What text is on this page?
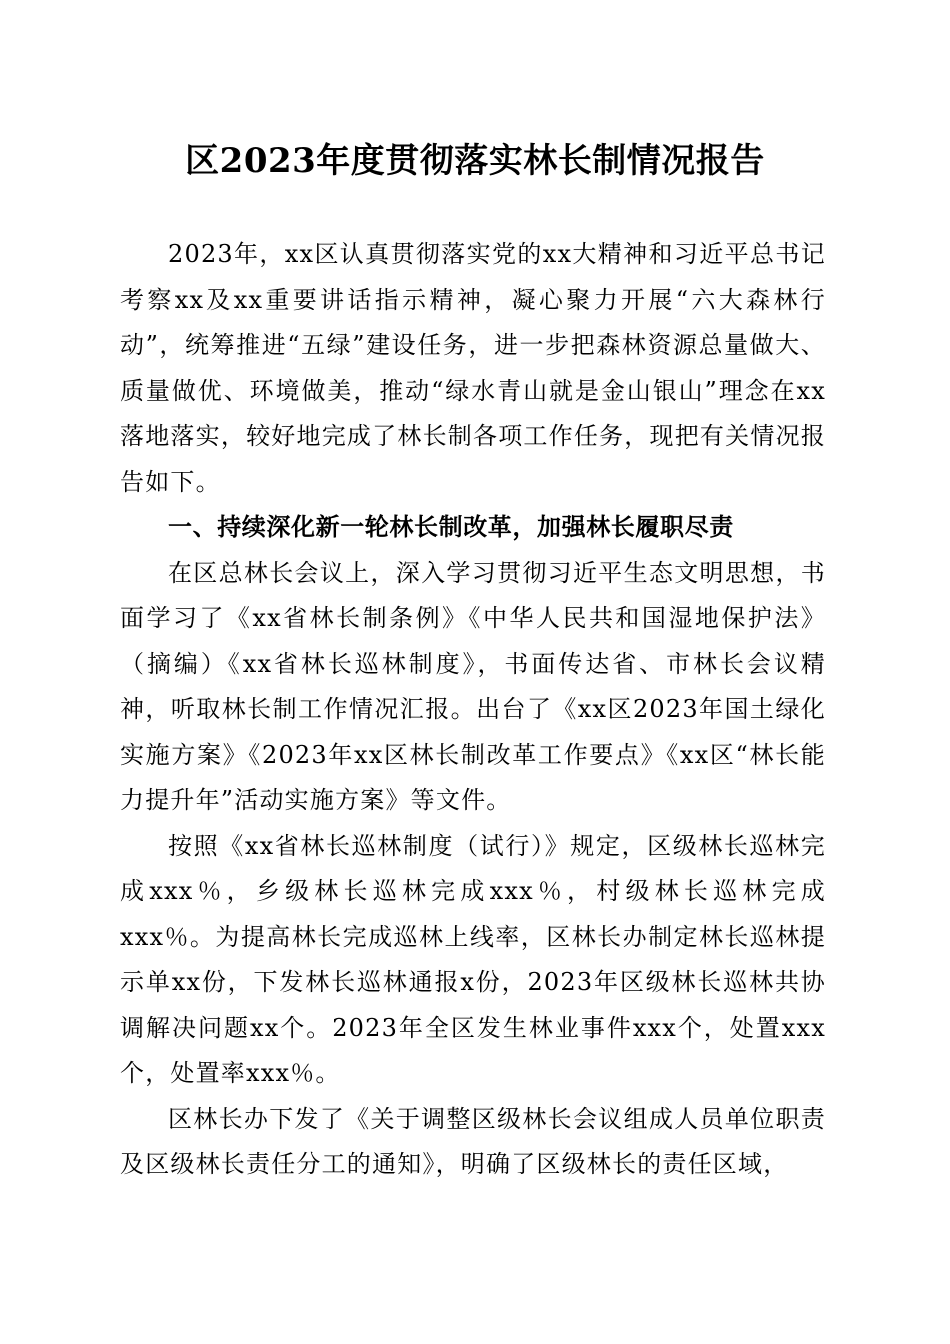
区2023年度贯彻落实林长制情况报告

2023年，xx区认真贯彻落实党的xx大精神和习近平总书记考察xx及xx重要讲话指示精神，凝心聚力开展“六大森林行动”，统筹推进“五绿”建设任务，进一步把森林资源总量做大、质量做优、环境做美，推动“绿水青山就是金山银山”理念在xx落地落实，较好地完成了林长制各项工作任务，现把有关情况报告如下。

一、持续深化新一轮林长制改革，加强林长履职尽责

在区总林长会议上，深入学习贯彻习近平生态文明思想，书面学习了《xx省林长制条例》《中华人民共和国湿地保护法》（摘编）《xx省林长巡林制度》，书面传达省、市林长会议精神，听取林长制工作情况汇报。出台了《xx区2023年国土绿化实施方案》《2023年xx区林长制改革工作要点》《xx区“林长能力提升年”活动实施方案》等文件。

按照《xx省林长巡林制度（试行）》规定，区级林长巡林完成xxx％，乡级林长巡林完成xxx％，村级林长巡林完成xxx％。为提高林长完成巡林上线率，区林长办制定林长巡林提示单xx份，下发林长巡林通报x份，2023年区级林长巡林共协调解决问题xx个。2023年全区发生林业事件xxx个，处置xxx个，处置率xxx％。

区林长办下发了《关于调整区级林长会议组成人员单位职责及区级林长责任分工的通知》，明确了区级林长的责任区域，
